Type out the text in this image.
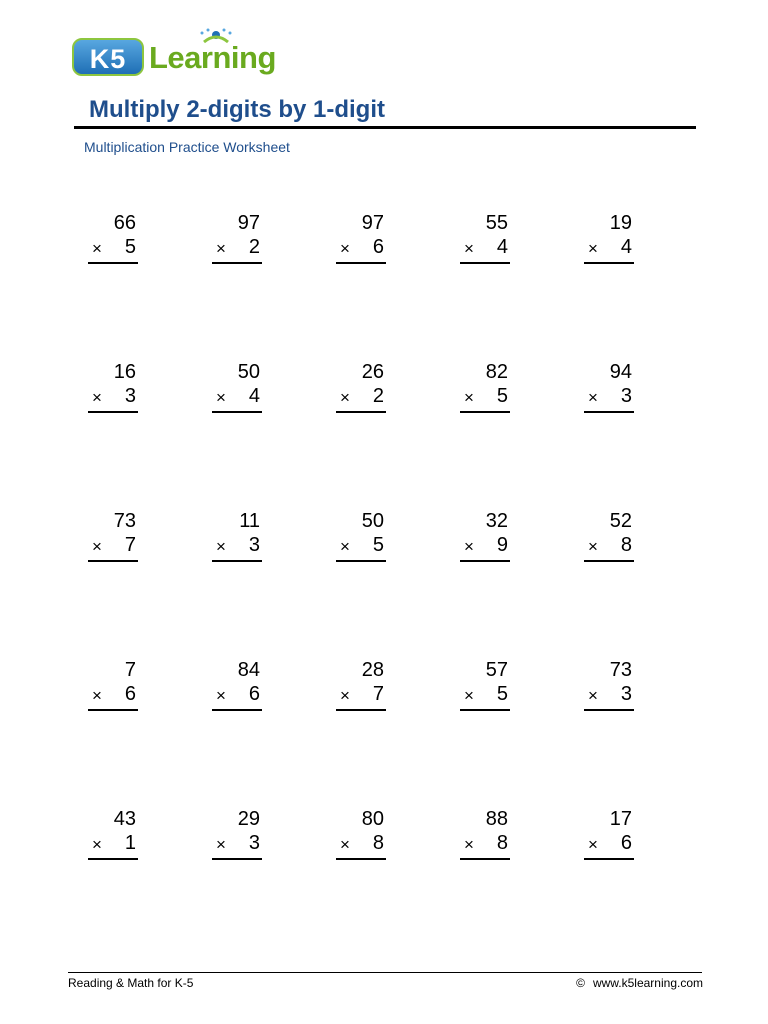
K5 Learning
Multiply 2-digits by 1-digit
Multiplication Practice Worksheet
66
× 5
97
× 2
97
× 6
55
× 4
19
× 4
16
× 3
50
× 4
26
× 2
82
× 5
94
× 3
73
× 7
11
× 3
50
× 5
32
× 9
52
× 8
7
× 6
84
× 6
28
× 7
57
× 5
73
× 3
43
× 1
29
× 3
80
× 8
88
× 8
17
× 6
Reading & Math for K-5	© www.k5learning.com
